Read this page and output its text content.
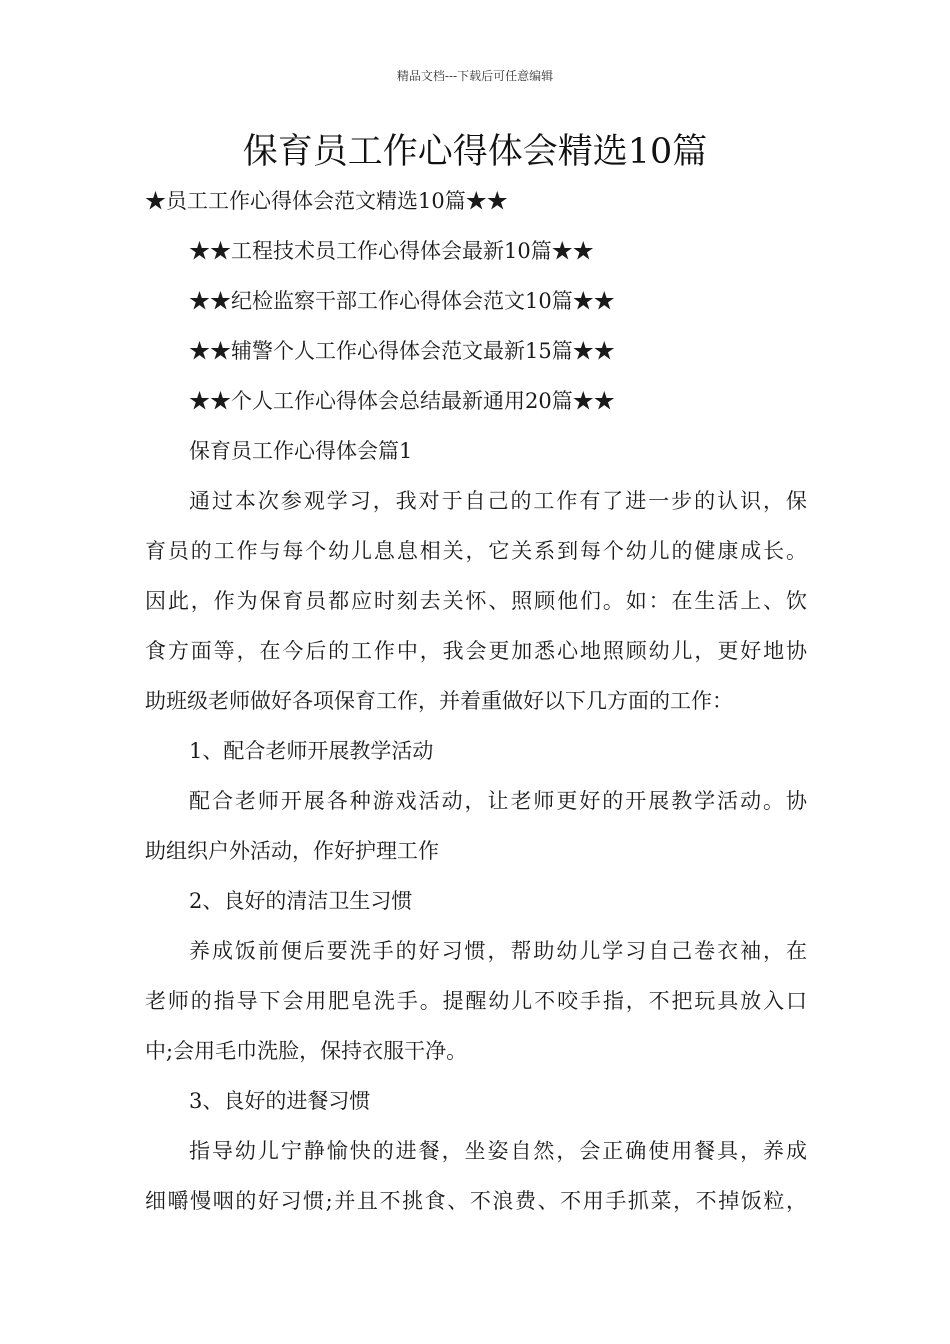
精品文档---下载后可任意编辑
保育员工作心得体会精选10篇
★员工工作心得体会范文精选10篇★★
★★工程技术员工作心得体会最新10篇★★
★★纪检监察干部工作心得体会范文10篇★★
★★辅警个人工作心得体会范文最新15篇★★
★★个人工作心得体会总结最新通用20篇★★
保育员工作心得体会篇1
通过本次参观学习，我对于自己的工作有了进一步的认识，保
育员的工作与每个幼儿息息相关，它关系到每个幼儿的健康成长。
因此，作为保育员都应时刻去关怀、照顾他们。如：在生活上、饮
食方面等，在今后的工作中，我会更加悉心地照顾幼儿，更好地协
助班级老师做好各项保育工作，并着重做好以下几方面的工作：
1、配合老师开展教学活动
配合老师开展各种游戏活动，让老师更好的开展教学活动。协
助组织户外活动，作好护理工作
2、良好的清洁卫生习惯
养成饭前便后要洗手的好习惯，帮助幼儿学习自己卷衣袖，在
老师的指导下会用肥皂洗手。提醒幼儿不咬手指，不把玩具放入口
中;会用毛巾洗脸，保持衣服干净。
3、良好的进餐习惯
指导幼儿宁静愉快的进餐，坐姿自然，会正确使用餐具，养成
细嚼慢咽的好习惯;并且不挑食、不浪费、不用手抓菜，不掉饭粒，
